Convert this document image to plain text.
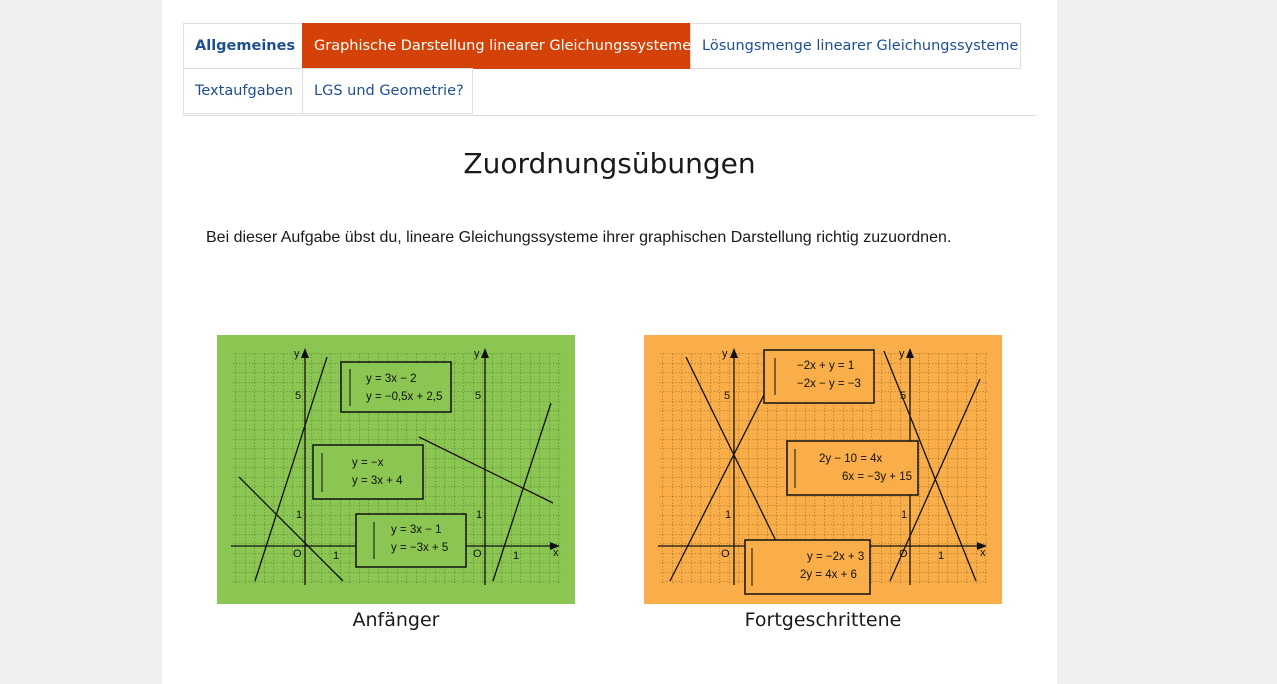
Allgemeines	Graphische Darstellung linearer Gleichungssysteme Lösungsmenge linearer Gleichungssysteme
Textaufgaben	LGS und Geometrie?
Zuordnungsübungen

Bei dieser Aufgabe übst du, lineare Gleichungssysteme ihrer graphischen Darstellung richtig zuzuordnen.

y	y
x
O	O
1	1
5	5
1	1
y = 3x − 2
y = −0,5x + 2,5
y = −x
y = 3x + 4
y = 3x − 1
y = −3x + 5
Anfänger
y	y
x
O	O	1
5	5
1	1
−2x + y = 1
−2x − y = −3
2y − 10 = 4x
6x = −3y + 15
y = −2x + 3
2y = 4x + 6
Fortgeschrittene
